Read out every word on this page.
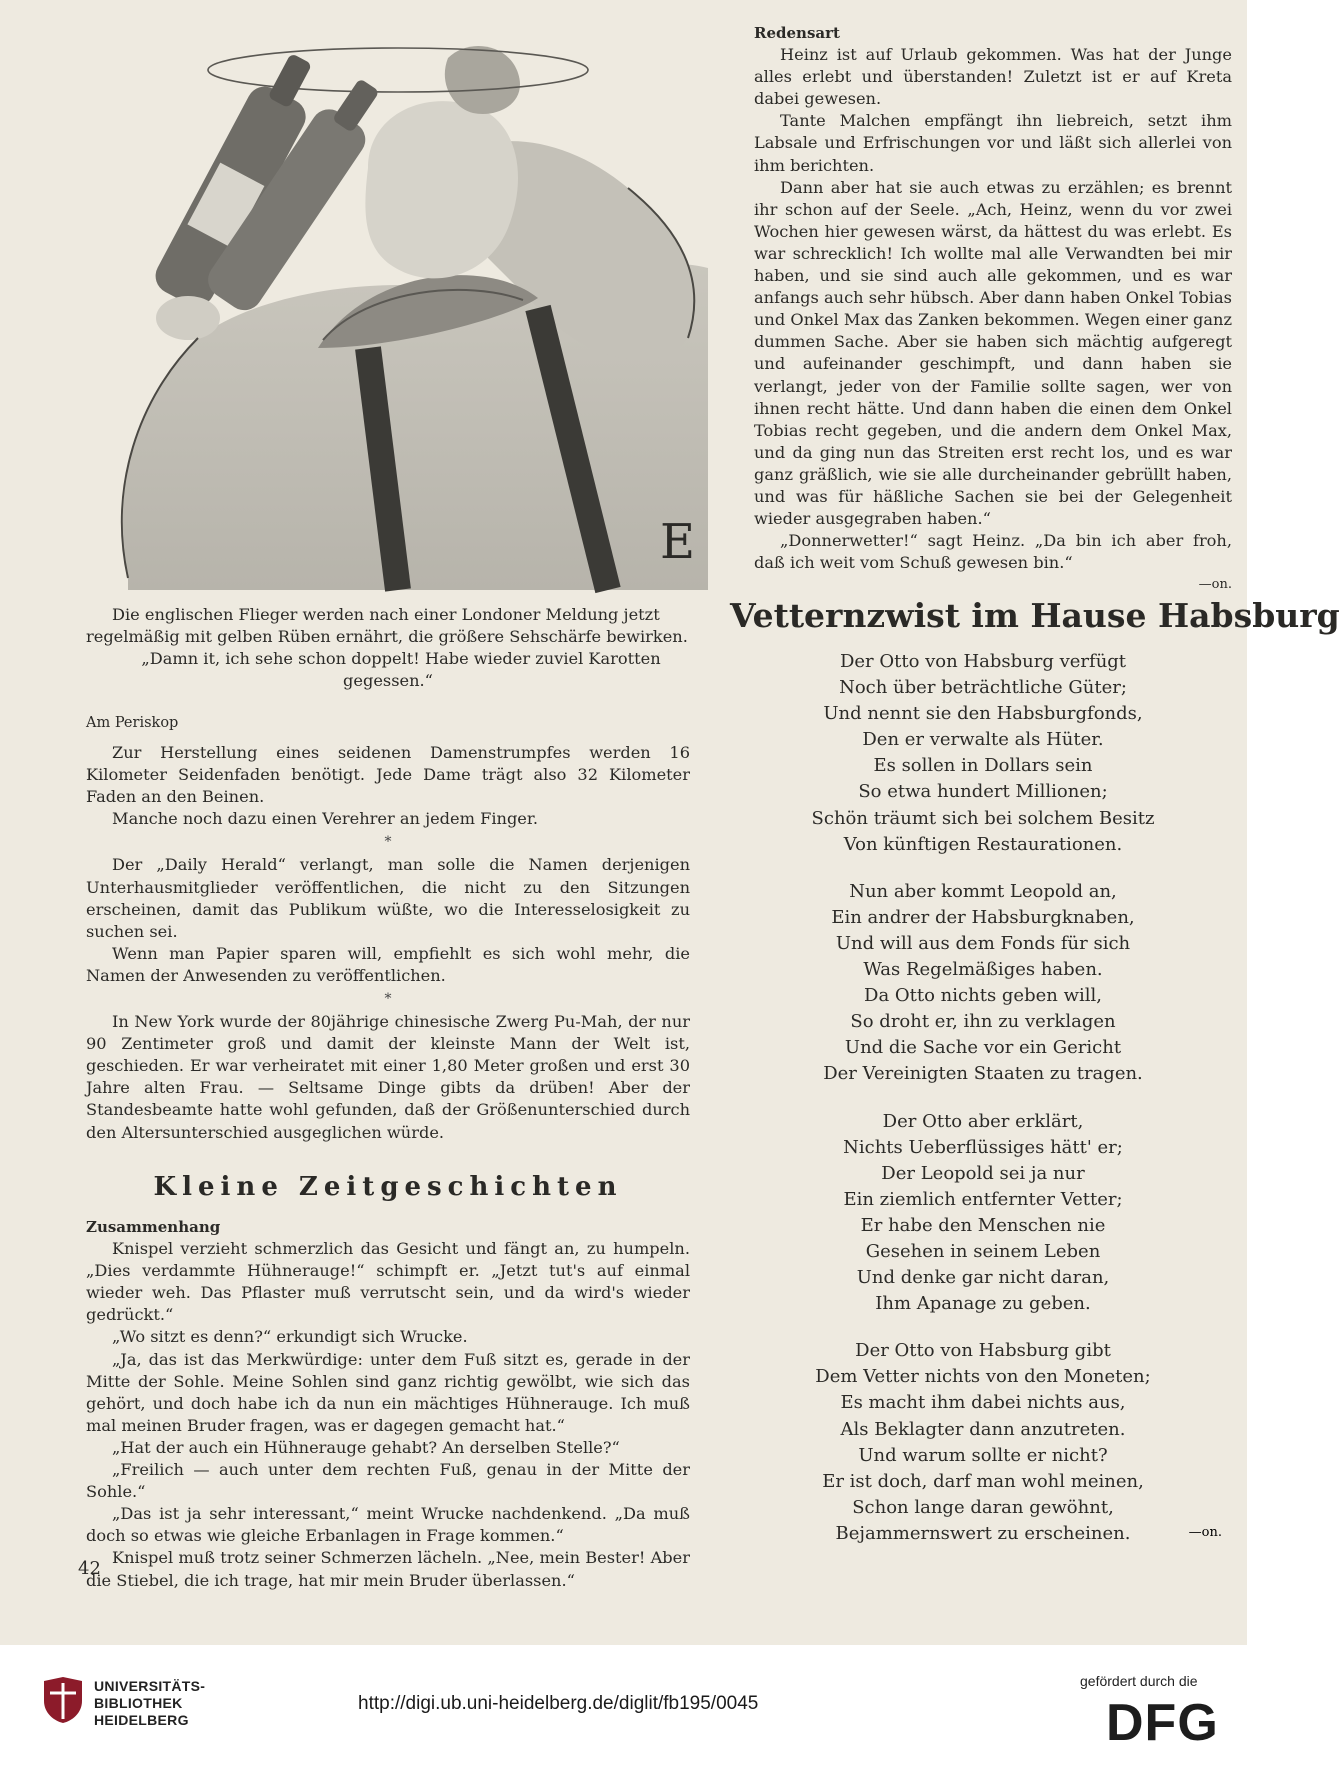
E

Die englischen Flieger werden nach einer Londoner Meldung jetzt

regelmäßig mit gelben Rüben ernährt, die größere Sehschärfe bewirken.

„Damn it, ich sehe schon doppelt! Habe wieder zuviel Karotten gegessen.“

Am Periskop

Zur Herstellung eines seidenen Damenstrumpfes werden 16 Kilometer Seidenfaden benötigt. Jede Dame trägt also 32 Kilometer Faden an den Beinen.

Manche noch dazu einen Verehrer an jedem Finger.

*

Der „Daily Herald“ verlangt, man solle die Namen derjenigen Unterhausmitglieder veröffentlichen, die nicht zu den Sitzungen erscheinen, damit das Publikum wüßte, wo die Interesselosigkeit zu suchen sei.

Wenn man Papier sparen will, empfiehlt es sich wohl mehr, die Namen der Anwesenden zu veröffentlichen.

*

In New York wurde der 80jährige chinesische Zwerg Pu-Mah, der nur 90 Zentimeter groß und damit der kleinste Mann der Welt ist, geschieden. Er war verheiratet mit einer 1,80 Meter großen und erst 30 Jahre alten Frau. — Seltsame Dinge gibts da drüben! Aber der Standesbeamte hatte wohl gefunden, daß der Größenunterschied durch den Altersunterschied ausgeglichen würde.

Kleine Zeitgeschichten
Zusammenhang

Knispel verzieht schmerzlich das Gesicht und fängt an, zu humpeln. „Dies verdammte Hühnerauge!“ schimpft er. „Jetzt tut's auf einmal wieder weh. Das Pflaster muß verrutscht sein, und da wird's wieder gedrückt.“

„Wo sitzt es denn?“ erkundigt sich Wrucke.

„Ja, das ist das Merkwürdige: unter dem Fuß sitzt es, gerade in der Mitte der Sohle. Meine Sohlen sind ganz richtig gewölbt, wie sich das gehört, und doch habe ich da nun ein mächtiges Hühnerauge. Ich muß mal meinen Bruder fragen, was er dagegen gemacht hat.“

„Hat der auch ein Hühnerauge gehabt? An derselben Stelle?“

„Freilich — auch unter dem rechten Fuß, genau in der Mitte der Sohle.“

„Das ist ja sehr interessant,“ meint Wrucke nachdenkend. „Da muß doch so etwas wie gleiche Erbanlagen in Frage kommen.“

Knispel muß trotz seiner Schmerzen lächeln. „Nee, mein Bester! Aber die Stiebel, die ich trage, hat mir mein Bruder überlassen.“

42
Redensart

Heinz ist auf Urlaub gekommen. Was hat der Junge alles erlebt und überstanden! Zuletzt ist er auf Kreta dabei gewesen.

Tante Malchen empfängt ihn liebreich, setzt ihm Labsale und Erfrischungen vor und läßt sich allerlei von ihm berichten.

Dann aber hat sie auch etwas zu erzählen; es brennt ihr schon auf der Seele. „Ach, Heinz, wenn du vor zwei Wochen hier gewesen wärst, da hättest du was erlebt. Es war schrecklich! Ich wollte mal alle Verwandten bei mir haben, und sie sind auch alle gekommen, und es war anfangs auch sehr hübsch. Aber dann haben Onkel Tobias und Onkel Max das Zanken bekommen. Wegen einer ganz dummen Sache. Aber sie haben sich mächtig aufgeregt und aufeinander geschimpft, und dann haben sie verlangt, jeder von der Familie sollte sagen, wer von ihnen recht hätte. Und dann haben die einen dem Onkel Tobias recht gegeben, und die andern dem Onkel Max, und da ging nun das Streiten erst recht los, und es war ganz gräßlich, wie sie alle durcheinander gebrüllt haben, und was für häßliche Sachen sie bei der Gelegenheit wieder ausgegraben haben.“

„Donnerwetter!“ sagt Heinz. „Da bin ich aber froh, daß ich weit vom Schuß gewesen bin.“

—on.
Vetternzwist im Hause Habsburg
Der Otto von Habsburg verfügt
Noch über beträchtliche Güter;
Und nennt sie den Habsburgfonds,
Den er verwalte als Hüter.
Es sollen in Dollars sein
So etwa hundert Millionen;
Schön träumt sich bei solchem Besitz
Von künftigen Restaurationen.
Nun aber kommt Leopold an,
Ein andrer der Habsburgknaben,
Und will aus dem Fonds für sich
Was Regelmäßiges haben.
Da Otto nichts geben will,
So droht er, ihn zu verklagen
Und die Sache vor ein Gericht
Der Vereinigten Staaten zu tragen.
Der Otto aber erklärt,
Nichts Ueberflüssiges hätt' er;
Der Leopold sei ja nur
Ein ziemlich entfernter Vetter;
Er habe den Menschen nie
Gesehen in seinem Leben
Und denke gar nicht daran,
Ihm Apanage zu geben.
Der Otto von Habsburg gibt
Dem Vetter nichts von den Moneten;
Es macht ihm dabei nichts aus,
Als Beklagter dann anzutreten.
Und warum sollte er nicht?
Er ist doch, darf man wohl meinen,
Schon lange daran gewöhnt,
Bejammernswert zu erscheinen.	—on.
UNIVERSITÄTS-
BIBLIOTHEK
HEIDELBERG
http://digi.ub.uni-heidelberg.de/diglit/fb195/0045
gefördert durch die
DFG
